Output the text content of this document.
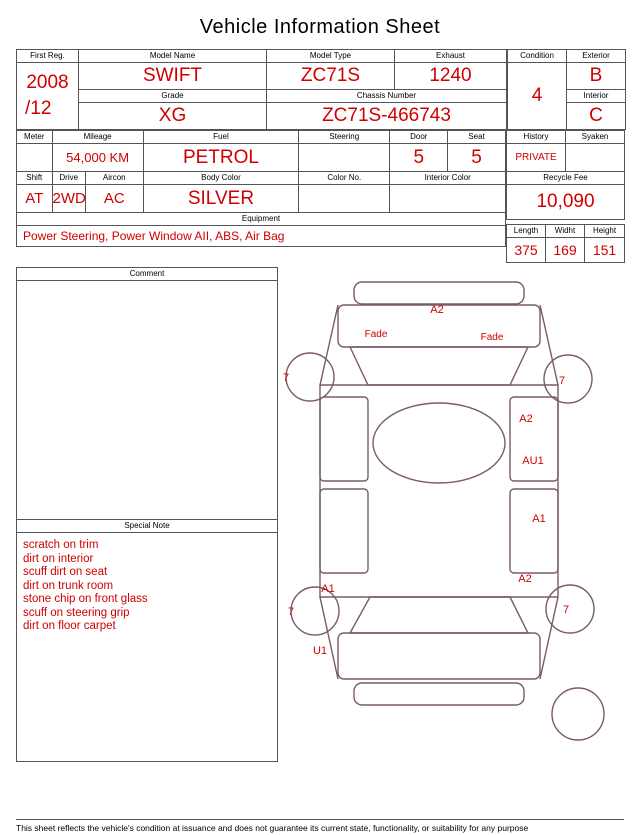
Vehicle Information Sheet
First Reg.	Model Name	Model Type	Exhaust

2008
/12	SWIFT	ZC71S	1240
	Grade	Chassis Number	
	XG	ZC71S-466743	
Condition	Exterior
4	B
	Interior
	C
Meter	Mileage		Fuel	Steering	Door	Seat
	54,000 KM		PETROL		5	5
Shift	Drive	Aircon	Body Color	Color No.	Interior Color	
AT	2WD	AC	SILVER			
Equipment						
Power Steering, Power Window AII, ABS, Air Bag						
History	Syaken
PRIVATE	
Recycle Fee	
10,090	
Length	Widht	Height
375	169	151
Comment
Special Note
scratch on trim
dirt on interior
scuff dirt on seat
dirt on trunk room
stone chip on front glass
scuff on steering grip
dirt on floor carpet
A2
Fade	Fade
7	7
A2
AU1
A1
A2
A1
7	7
U1
This sheet reflects the vehicle's condition at issuance and does not guarantee its current state, functionality, or suitability for any purpose
